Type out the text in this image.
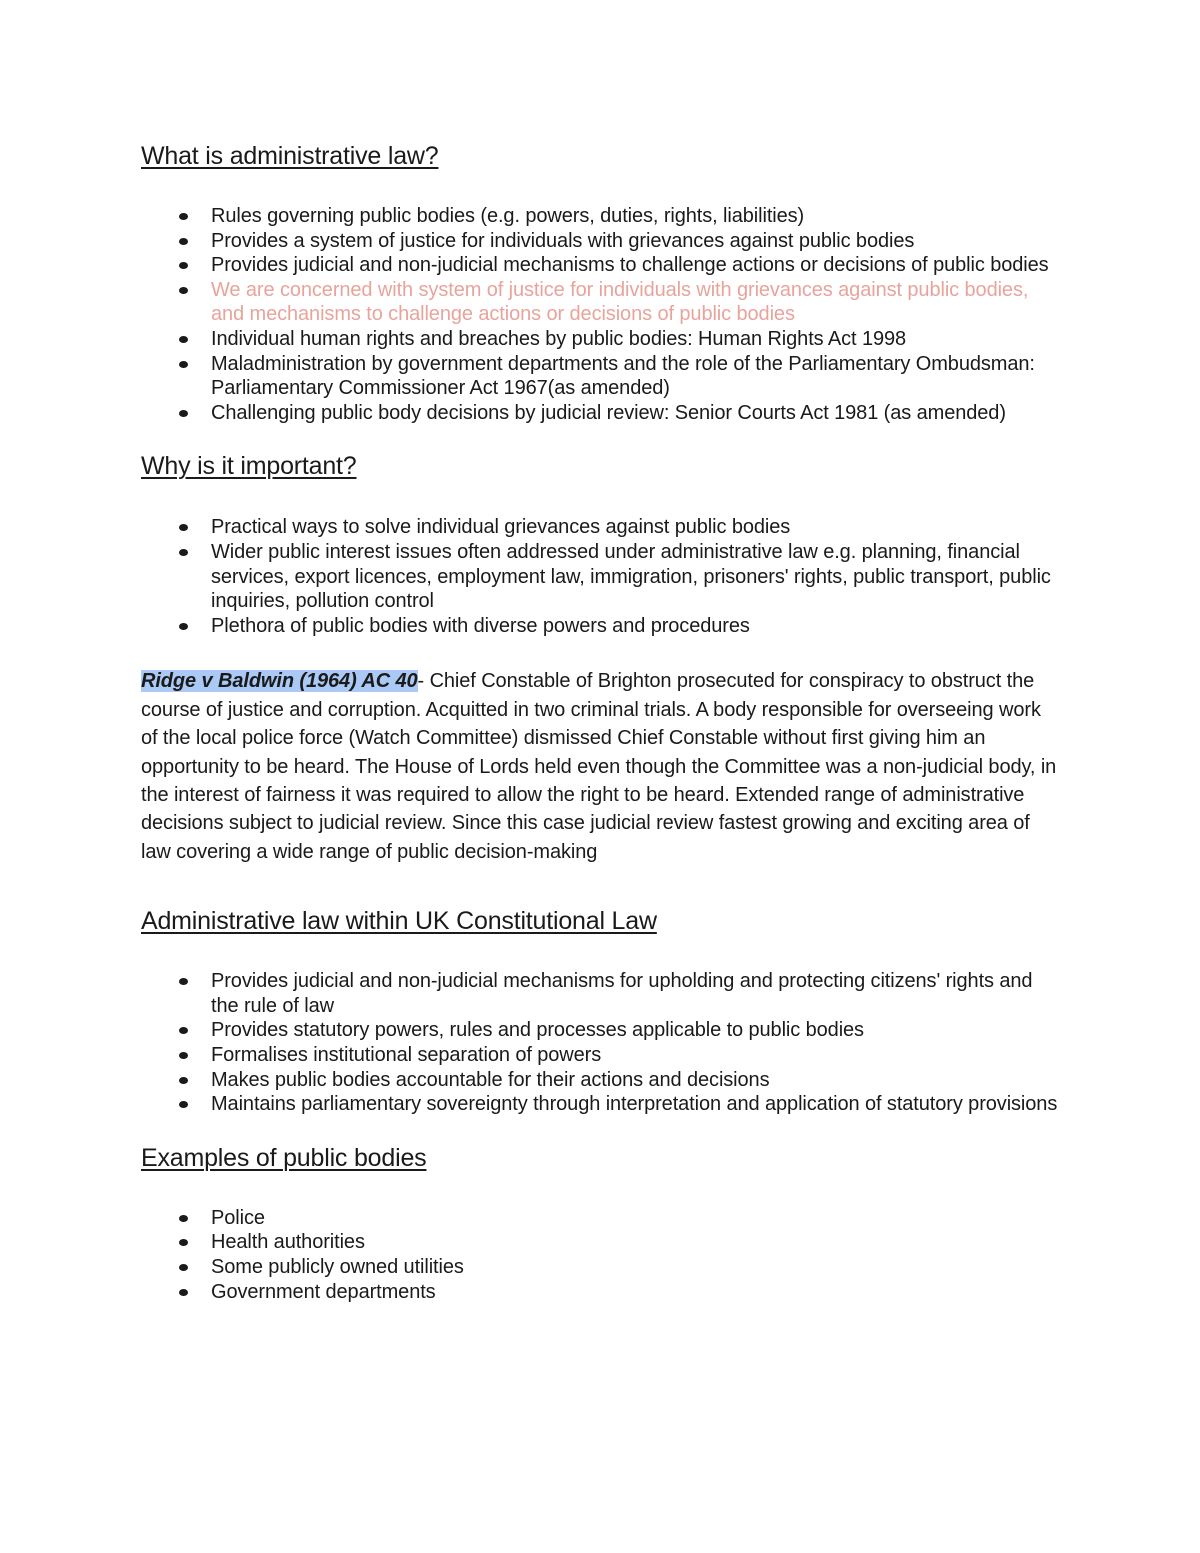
What is administrative law?
Rules governing public bodies (e.g. powers, duties, rights, liabilities)
Provides a system of justice for individuals with grievances against public bodies
Provides judicial and non-judicial mechanisms to challenge actions or decisions of public bodies
We are concerned with system of justice for individuals with grievances against public bodies, and mechanisms to challenge actions or decisions of public bodies
Individual human rights and breaches by public bodies: Human Rights Act 1998
Maladministration by government departments and the role of the Parliamentary Ombudsman: Parliamentary Commissioner Act 1967(as amended)
Challenging public body decisions by judicial review: Senior Courts Act 1981 (as amended)
Why is it important?
Practical ways to solve individual grievances against public bodies
Wider public interest issues often addressed under administrative law e.g. planning, financial services, export licences, employment law, immigration, prisoners' rights, public transport, public inquiries, pollution control
Plethora of public bodies with diverse powers and procedures

Ridge v Baldwin (1964) AC 40- Chief Constable of Brighton prosecuted for conspiracy to obstruct the course of justice and corruption. Acquitted in two criminal trials. A body responsible for overseeing work of the local police force (Watch Committee) dismissed Chief Constable without first giving him an opportunity to be heard. The House of Lords held even though the Committee was a non-judicial body, in the interest of fairness it was required to allow the right to be heard. Extended range of administrative decisions subject to judicial review. Since this case judicial review fastest growing and exciting area of law covering a wide range of public decision-making

Administrative law within UK Constitutional Law
Provides judicial and non-judicial mechanisms for upholding and protecting citizens' rights and the rule of law
Provides statutory powers, rules and processes applicable to public bodies
Formalises institutional separation of powers
Makes public bodies accountable for their actions and decisions
Maintains parliamentary sovereignty through interpretation and application of statutory provisions
Examples of public bodies
Police
Health authorities
Some publicly owned utilities
Government departments
